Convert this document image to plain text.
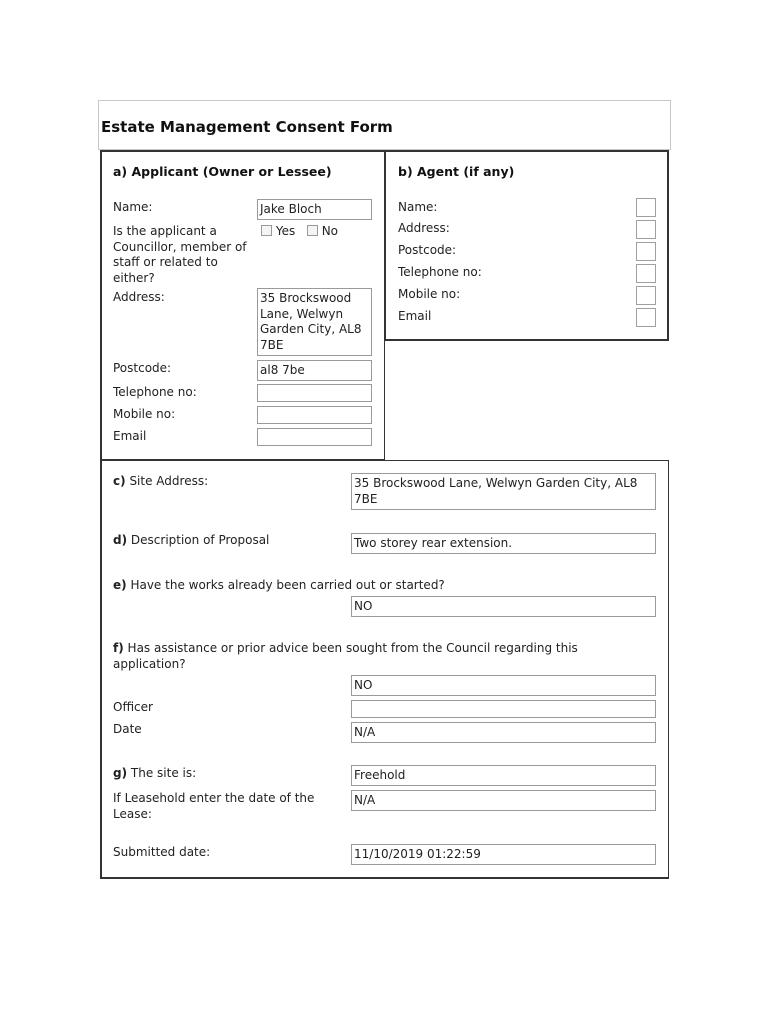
Estate Management Consent Form
a) Applicant (Owner or Lessee)
Name:	Jake Bloch
Is the applicant a Councillor, member of staff or related to either?
Yes No
Address:	35 Brockswood Lane, Welwyn Garden City, AL8 7BE
Postcode:	al8 7be
Telephone no:
Mobile no:
Email
b) Agent (if any)
Name:
Address:
Postcode:
Telephone no:
Mobile no:
Email
c) Site Address:	35 Brockswood Lane, Welwyn Garden City, AL8 7BE
d) Description of Proposal	Two storey rear extension.
e) Have the works already been carried out or started?
NO
f) Has assistance or prior advice been sought from the Council regarding this application?
NO
Officer
Date	N/A
g) The site is:	Freehold
If Leasehold enter the date of the Lease:
N/A
Submitted date:	11/10/2019 01:22:59
